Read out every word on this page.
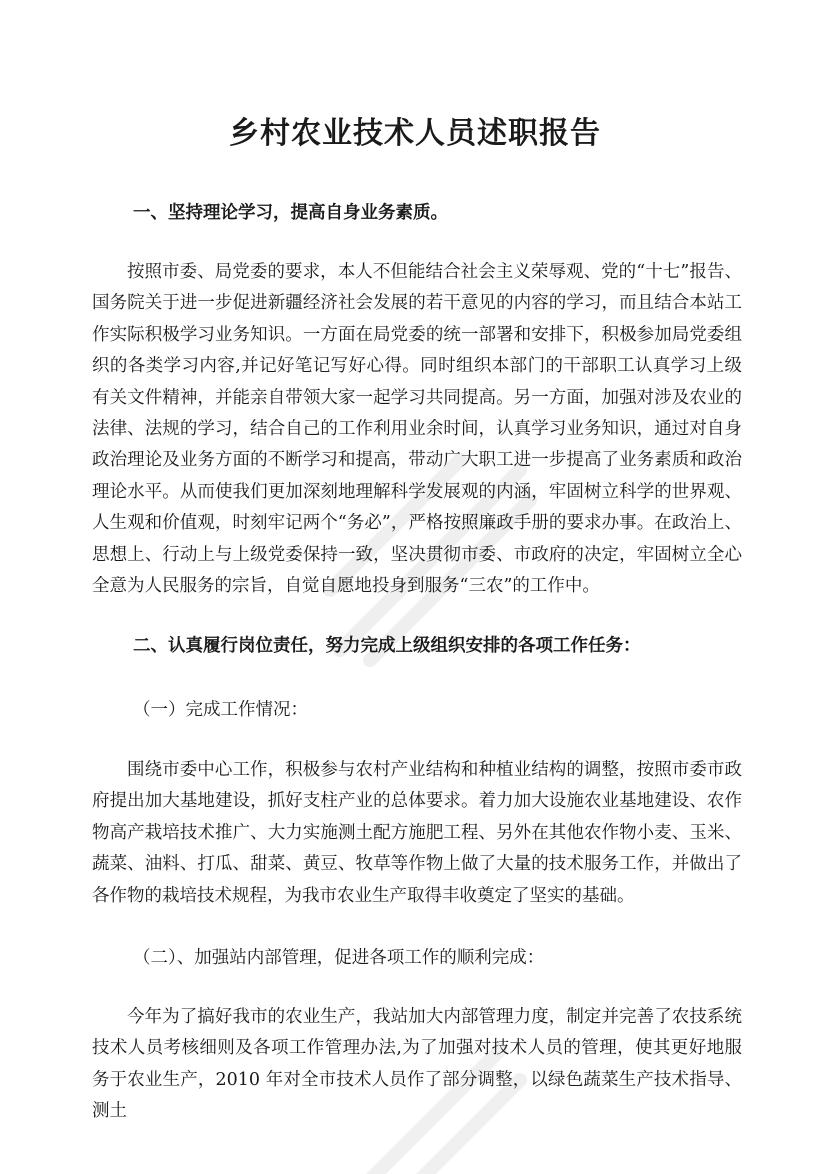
乡村农业技术人员述职报告
一、坚持理论学习，提高自身业务素质。
按照市委、局党委的要求，本人不但能结合社会主义荣辱观、党的“十七”报告、国务院关于进一步促进新疆经济社会发展的若干意见的内容的学习，而且结合本站工作实际积极学习业务知识。一方面在局党委的统一部署和安排下，积极参加局党委组织的各类学习内容,并记好笔记写好心得。同时组织本部门的干部职工认真学习上级有关文件精神，并能亲自带领大家一起学习共同提高。另一方面，加强对涉及农业的法律、法规的学习，结合自己的工作利用业余时间，认真学习业务知识，通过对自身政治理论及业务方面的不断学习和提高，带动广大职工进一步提高了业务素质和政治理论水平。从而使我们更加深刻地理解科学发展观的内涵，牢固树立科学的世界观、人生观和价值观，时刻牢记两个“务必”，严格按照廉政手册的要求办事。在政治上、思想上、行动上与上级党委保持一致，坚决贯彻市委、市政府的决定，牢固树立全心全意为人民服务的宗旨，自觉自愿地投身到服务“三农”的工作中。
二、认真履行岗位责任，努力完成上级组织安排的各项工作任务：
（一）完成工作情况：
围绕市委中心工作，积极参与农村产业结构和种植业结构的调整，按照市委市政府提出加大基地建设，抓好支柱产业的总体要求。着力加大设施农业基地建设、农作物高产栽培技术推广、大力实施测土配方施肥工程、另外在其他农作物小麦、玉米、蔬菜、油料、打瓜、甜菜、黄豆、牧草等作物上做了大量的技术服务工作，并做出了各作物的栽培技术规程，为我市农业生产取得丰收奠定了坚实的基础。
（二）、加强站内部管理，促进各项工作的顺利完成：
今年为了搞好我市的农业生产，我站加大内部管理力度，制定并完善了农技系统技术人员考核细则及各项工作管理办法,为了加强对技术人员的管理，使其更好地服务于农业生产，2010 年对全市技术人员作了部分调整，以绿色蔬菜生产技术指导、测土
